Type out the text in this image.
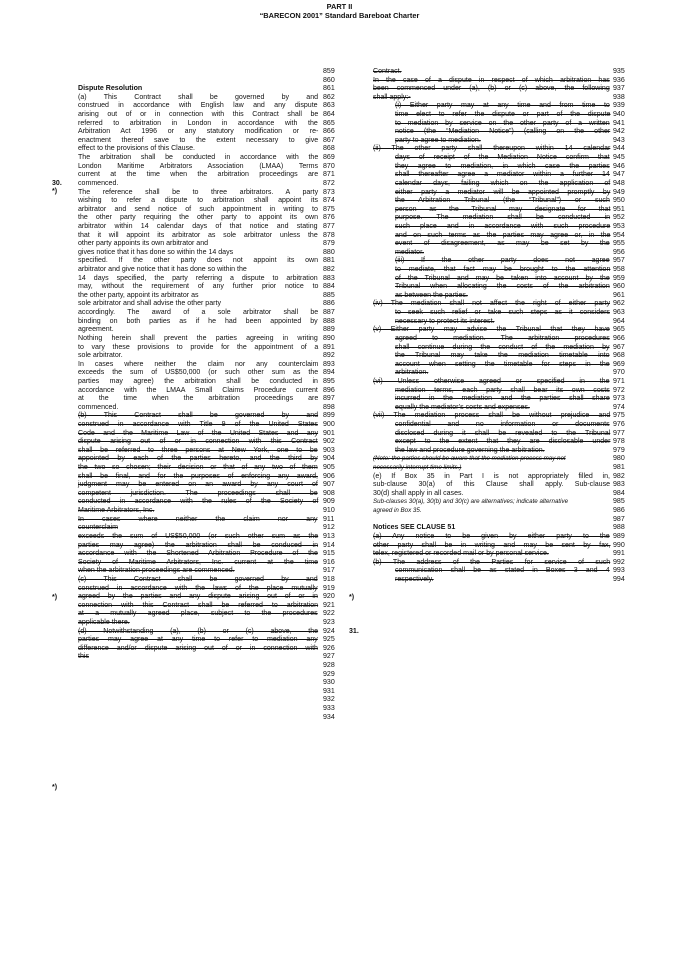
PART II
“BARECON 2001” Standard Bareboat Charter
859
860
Dispute Resolution	861
(a) This Contract shall be governed by and 862
construed in accordance with English law and any dispute 863
arising out of or in connection with this Contract shall be 864
referred to arbitration in London in accordance with the 865
Arbitration Act 1996 or any statutory modification or re- 866
enactment thereof save to the extent necessary to give 867
effect to the provisions of this Clause.	868
The arbitration shall be conducted in accordance with the 869
London Maritime Arbitrators Association (LMAA) Terms 870
current at the time when the arbitration proceedings are 871
commenced.	872
The reference shall be to three arbitrators. A party 873
wishing to refer a dispute to arbitration shall appoint its 874
arbitrator and send notice of such appointment in writing to 875
the other party requiring the other party to appoint its own 876
arbitrator within 14 calendar days of that notice and stating 877
that it will appoint its arbitrator as sole arbitrator unless the 878
other party appoints its own arbitrator and	879
gives notice that it has done so within the 14 days	880
specified. If the other party does not appoint its own 881
arbitrator and give notice that it has done so within the	882
14 days specified, the party referring a dispute to arbitration 883
may, without the requirement of any further prior notice to 884
the other party, appoint its arbitrator as	885
sole arbitrator and shall advise the other party	886
accordingly. The award of a sole arbitrator shall be 887
binding on both parties as if he had been appointed by 888
agreement.	889
Nothing herein shall prevent the parties agreeing in writing 890
to vary these provisions to provide for the appointment of a 891
sole arbitrator.	892
In cases where neither the claim nor any counterclaim 893
exceeds the sum of US$50,000 (or such other sum as the 894
parties may agree) the arbitration shall be conducted in 895
accordance with the LMAA Small Claims Procedure current 896
at the time when the arbitration proceedings are 897
commenced.	898
(b) This Contract shall be governed by and 899
construed in accordance with Title 9 of the United States 900
Code and the Maritime Law of the United States and any 901
dispute arising out of or in connection with this Contract 902
shall be referred to three persons at New York, one to be 903
appointed by each of the parties hereto, and the third by 904
the two so chosen; their decision or that of any two of them 905
shall be final, and for the purposes of enforcing any award, 906
judgment may be entered on an award by any court of 907
competent jurisdiction. The proceedings shall be 908
conducted in accordance with the rules of the Society of 909
Maritime Arbitrators, Inc.	910
In cases where neither the claim nor any 911
counterclaim	912
exceeds the sum of US$50,000 (or such other sum as the 913
parties may agree) the arbitration shall be conduced in 914
accordance with the Shortened Arbitration Procedure of the 915
Society of Maritime Arbitrators, Inc. current at the time 916
when the arbitration proceedings are commenced.	917
(c) This Contract shall be governed by and 918
construed in accordance with the laws of the place mutually 919
agreed by the parties and any dispute arising out of or in 920
connection with this Contract shall be referred to arbitration 921
at a mutually agreed place, subject to the procedures 922
applicable there.	923
(d) Notwithstanding (a), (b) or (c) above, the 924
parties may agree at any time to refer to mediation any 925
difference and/or dispute arising out of or in connection with 926
this	927
928
929
930
931
932
933
934
Contract.	935
In the case of a dispute in respect of which arbitration has 936
been commenced under (a), (b) or (c) above, the following 937
shall apply:-	938
(i) Either party may at any time and from time to 939
time elect to refer the dispute or part of the dispute 940
to mediation by service on the other party of a written 941
notice (the “Mediation Notice”) (calling on the other 942
party to agree to mediation.	943
(ii) The other party shall thereupon within 14 calendar 944
days of receipt of the Mediation Notice confirm that 945
they agree to mediation, in which case the parties 946
shall thereafter agree a mediator within a further 14 947
calendar days, failing which on the application of 948
either party a mediator will be appointed promptly by 949
the Arbitration Tribunal (the “Tribunal”) or such 950
person as the Tribunal may designate for that 951
purpose. The mediation shall be conducted in 952
such place and in accordance with such procedure 953
and on such terms as the parties may agree or, in the 954
event of disagreement, as may be set by the 955
mediator.	956
(iii) If the other party does not agree 957
to mediate, that fact may be brought to the attention 958
of the Tribunal and may be taken into account by the 959
Tribunal when allocating the costs of the arbitration 960
as between the parties.	961
(iv) The mediation shall not affect the right of either party 962
to seek such relief or take such steps as it considers 963
necessary to protect its interest.	964
(v) Either party may advise the Tribunal that they have 965
agreed to mediation. The arbitration procedures 966
shall continue during the conduct of the mediation by 967
the Tribunal may take the mediation timetable into 968
account when setting the timetable for steps in the 969
arbitration.	970
(vi) Unless otherwise agreed or specified in the 971
mediation terms, each party shall bear its own costs 972
incurred in the mediation and the parties shall share 973
equally the mediator’s costs and expenses.	974
(vii) The mediation process shall be without prejudice and 975
confidential and no information or documents 976
disclosed during it shall be revealed to the Tribunal 977
except to the extent that they are disclosable under 978
the law and procedure governing the arbitration.	979
(Note: the parties should be aware that the mediation process may not	980
necessarily interrupt time limits.)	981
(e) If Box 35 in Part I is not appropriately filled in, 982
sub-clause 30(a) of this Clause shall apply. Sub-clause 983
30(d) shall apply in all cases.	984
Sub-clauses 30(a), 30(b) and 30(c) are alternatives; indicate alternative	985
agreed in Box 35.	986
987
Notices SEE CLAUSE 51	988
(a) Any notice to be given by either party to the 989
other party shall be in writing and may be sent by fax, 990
telex, registered or recorded mail or by personal service.	991
(b) The address of the Parties for service of such 992
communication shall be as stated in Boxes 3 and 4 993
respectively.	994
30.
*)
*)
*)
*)
31.
